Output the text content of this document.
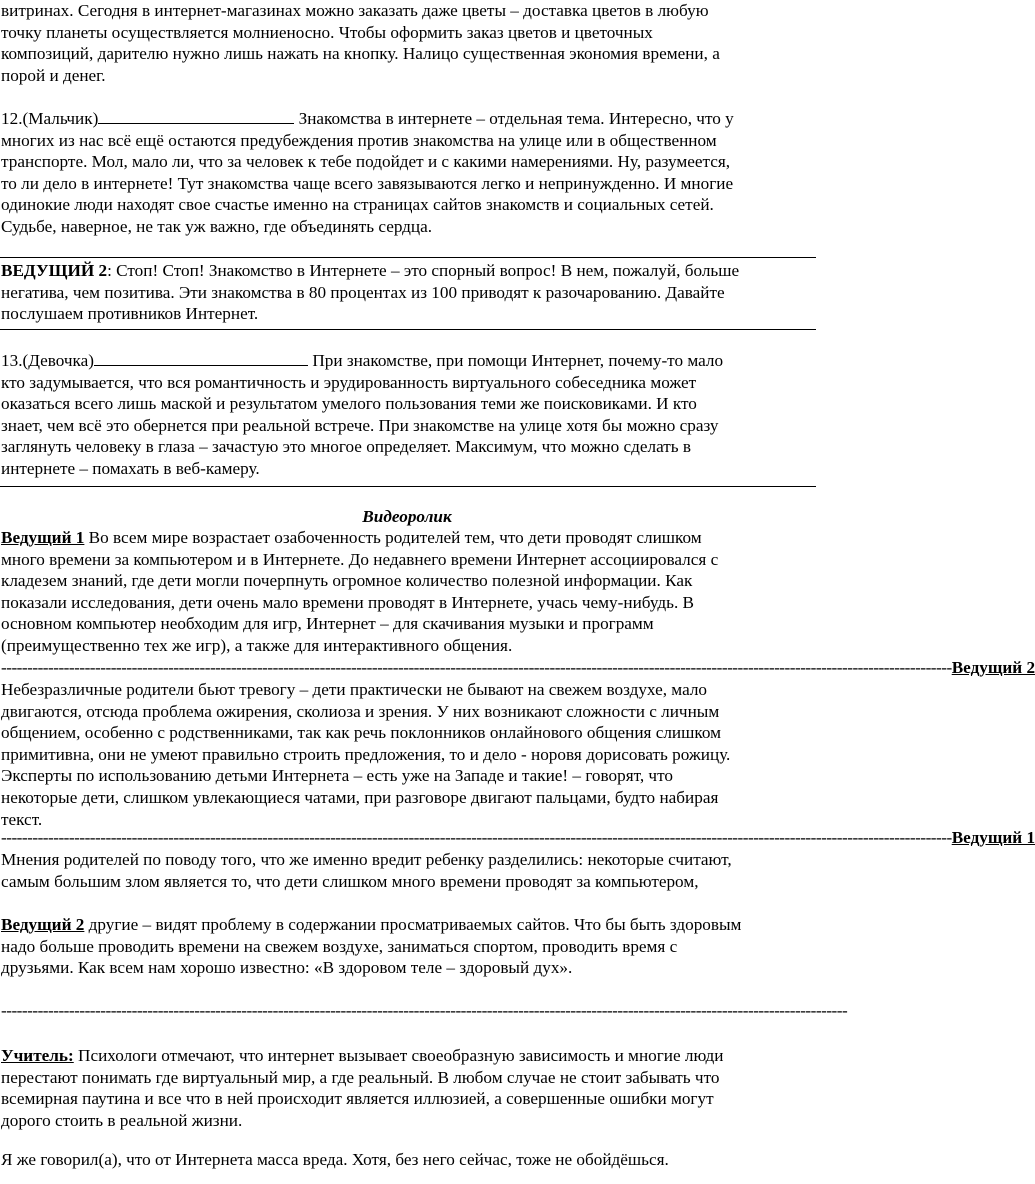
витринах. Сегодня в интернет-магазинах можно заказать даже цветы – доставка цветов в любую
точку планеты осуществляется молниеносно. Чтобы оформить заказ цветов и цветочных
композиций, дарителю нужно лишь нажать на кнопку. Налицо существенная экономия времени, а
порой и денег.
12.(Мальчик)	Знакомства в интернете – отдельная тема. Интересно, что у
многих из нас всё ещё остаются предубеждения против знакомства на улице или в общественном
транспорте. Мол, мало ли, что за человек к тебе подойдет и с какими намерениями. Ну, разумеется,
то ли дело в интернете! Тут знакомства чаще всего завязываются легко и непринужденно. И многие
одинокие люди находят свое счастье именно на страницах сайтов знакомств и социальных сетей.
Судьбе, наверное, не так уж важно, где объединять сердца.
ВЕДУЩИЙ 2: Стоп! Стоп! Знакомство в Интернете – это спорный вопрос! В нем, пожалуй, больше
негатива, чем позитива. Эти знакомства в 80 процентах из 100 приводят к разочарованию. Давайте
послушаем противников Интернет.
13.(Девочка)	При знакомстве, при помощи Интернет, почему-то мало
кто задумывается, что вся романтичность и эрудированность виртуального собеседника может
оказаться всего лишь маской и результатом умелого пользования теми же поисковиками. И кто
знает, чем всё это обернется при реальной встрече. При знакомстве на улице хотя бы можно сразу
заглянуть человеку в глаза – зачастую это многое определяет. Максимум, что можно сделать в
интернете – помахать в веб-камеру.
Видеоролик
Ведущий 1 Во всем мире возрастает озабоченность родителей тем, что дети проводят слишком
много времени за компьютером и в Интернете. До недавнего времени Интернет ассоциировался с
кладезем знаний, где дети могли почерпнуть огромное количество полезной информации. Как
показали исследования, дети очень мало времени проводят в Интернете, учась чему-нибудь. В
основном компьютер необходим для игр, Интернет – для скачивания музыки и программ
(преимущественно тех же игр), а также для интерактивного общения.
-------------------------------------------------------------------------------------------------------------------------------------------------------------------------------------- Ведущий 2
Небезразличные родители бьют тревогу – дети практически не бывают на свежем воздухе, мало
двигаются, отсюда проблема ожирения, сколиоза и зрения. У них возникают сложности с личным
общением, особенно с родственниками, так как речь поклонников онлайнового общения слишком
примитивна, они не умеют правильно строить предложения, то и дело - норовя дорисовать рожицу.
Эксперты по использованию детьми Интернета – есть уже на Западе и такие! – говорят, что
некоторые дети, слишком увлекающиеся чатами, при разговоре двигают пальцами, будто набирая
текст.
-------------------------------------------------------------------------------------------------------------------------------------------------------------------------------------- Ведущий 1
Мнения родителей по поводу того, что же именно вредит ребенку разделились: некоторые считают,
самым большим злом является то, что дети слишком много времени проводят за компьютером,
Ведущий 2 другие – видят проблему в содержании просматриваемых сайтов. Что бы быть здоровым
надо больше проводить времени на свежем воздухе, заниматься спортом, проводить время с
друзьями. Как всем нам хорошо известно: «В здоровом теле – здоровый дух».
------------------------------------------------------------------------------------------------------------------------------------------------------------------
Учитель: Психологи отмечают, что интернет вызывает своеобразную зависимость и многие люди
перестают понимать где виртуальный мир, а где реальный. В любом случае не стоит забывать что
всемирная паутина и все что в ней происходит является иллюзией, а совершенные ошибки могут
дорого стоить в реальной жизни.
Я же говорил(а), что от Интернета масса вреда. Хотя, без него сейчас, тоже не обойдёшься.
